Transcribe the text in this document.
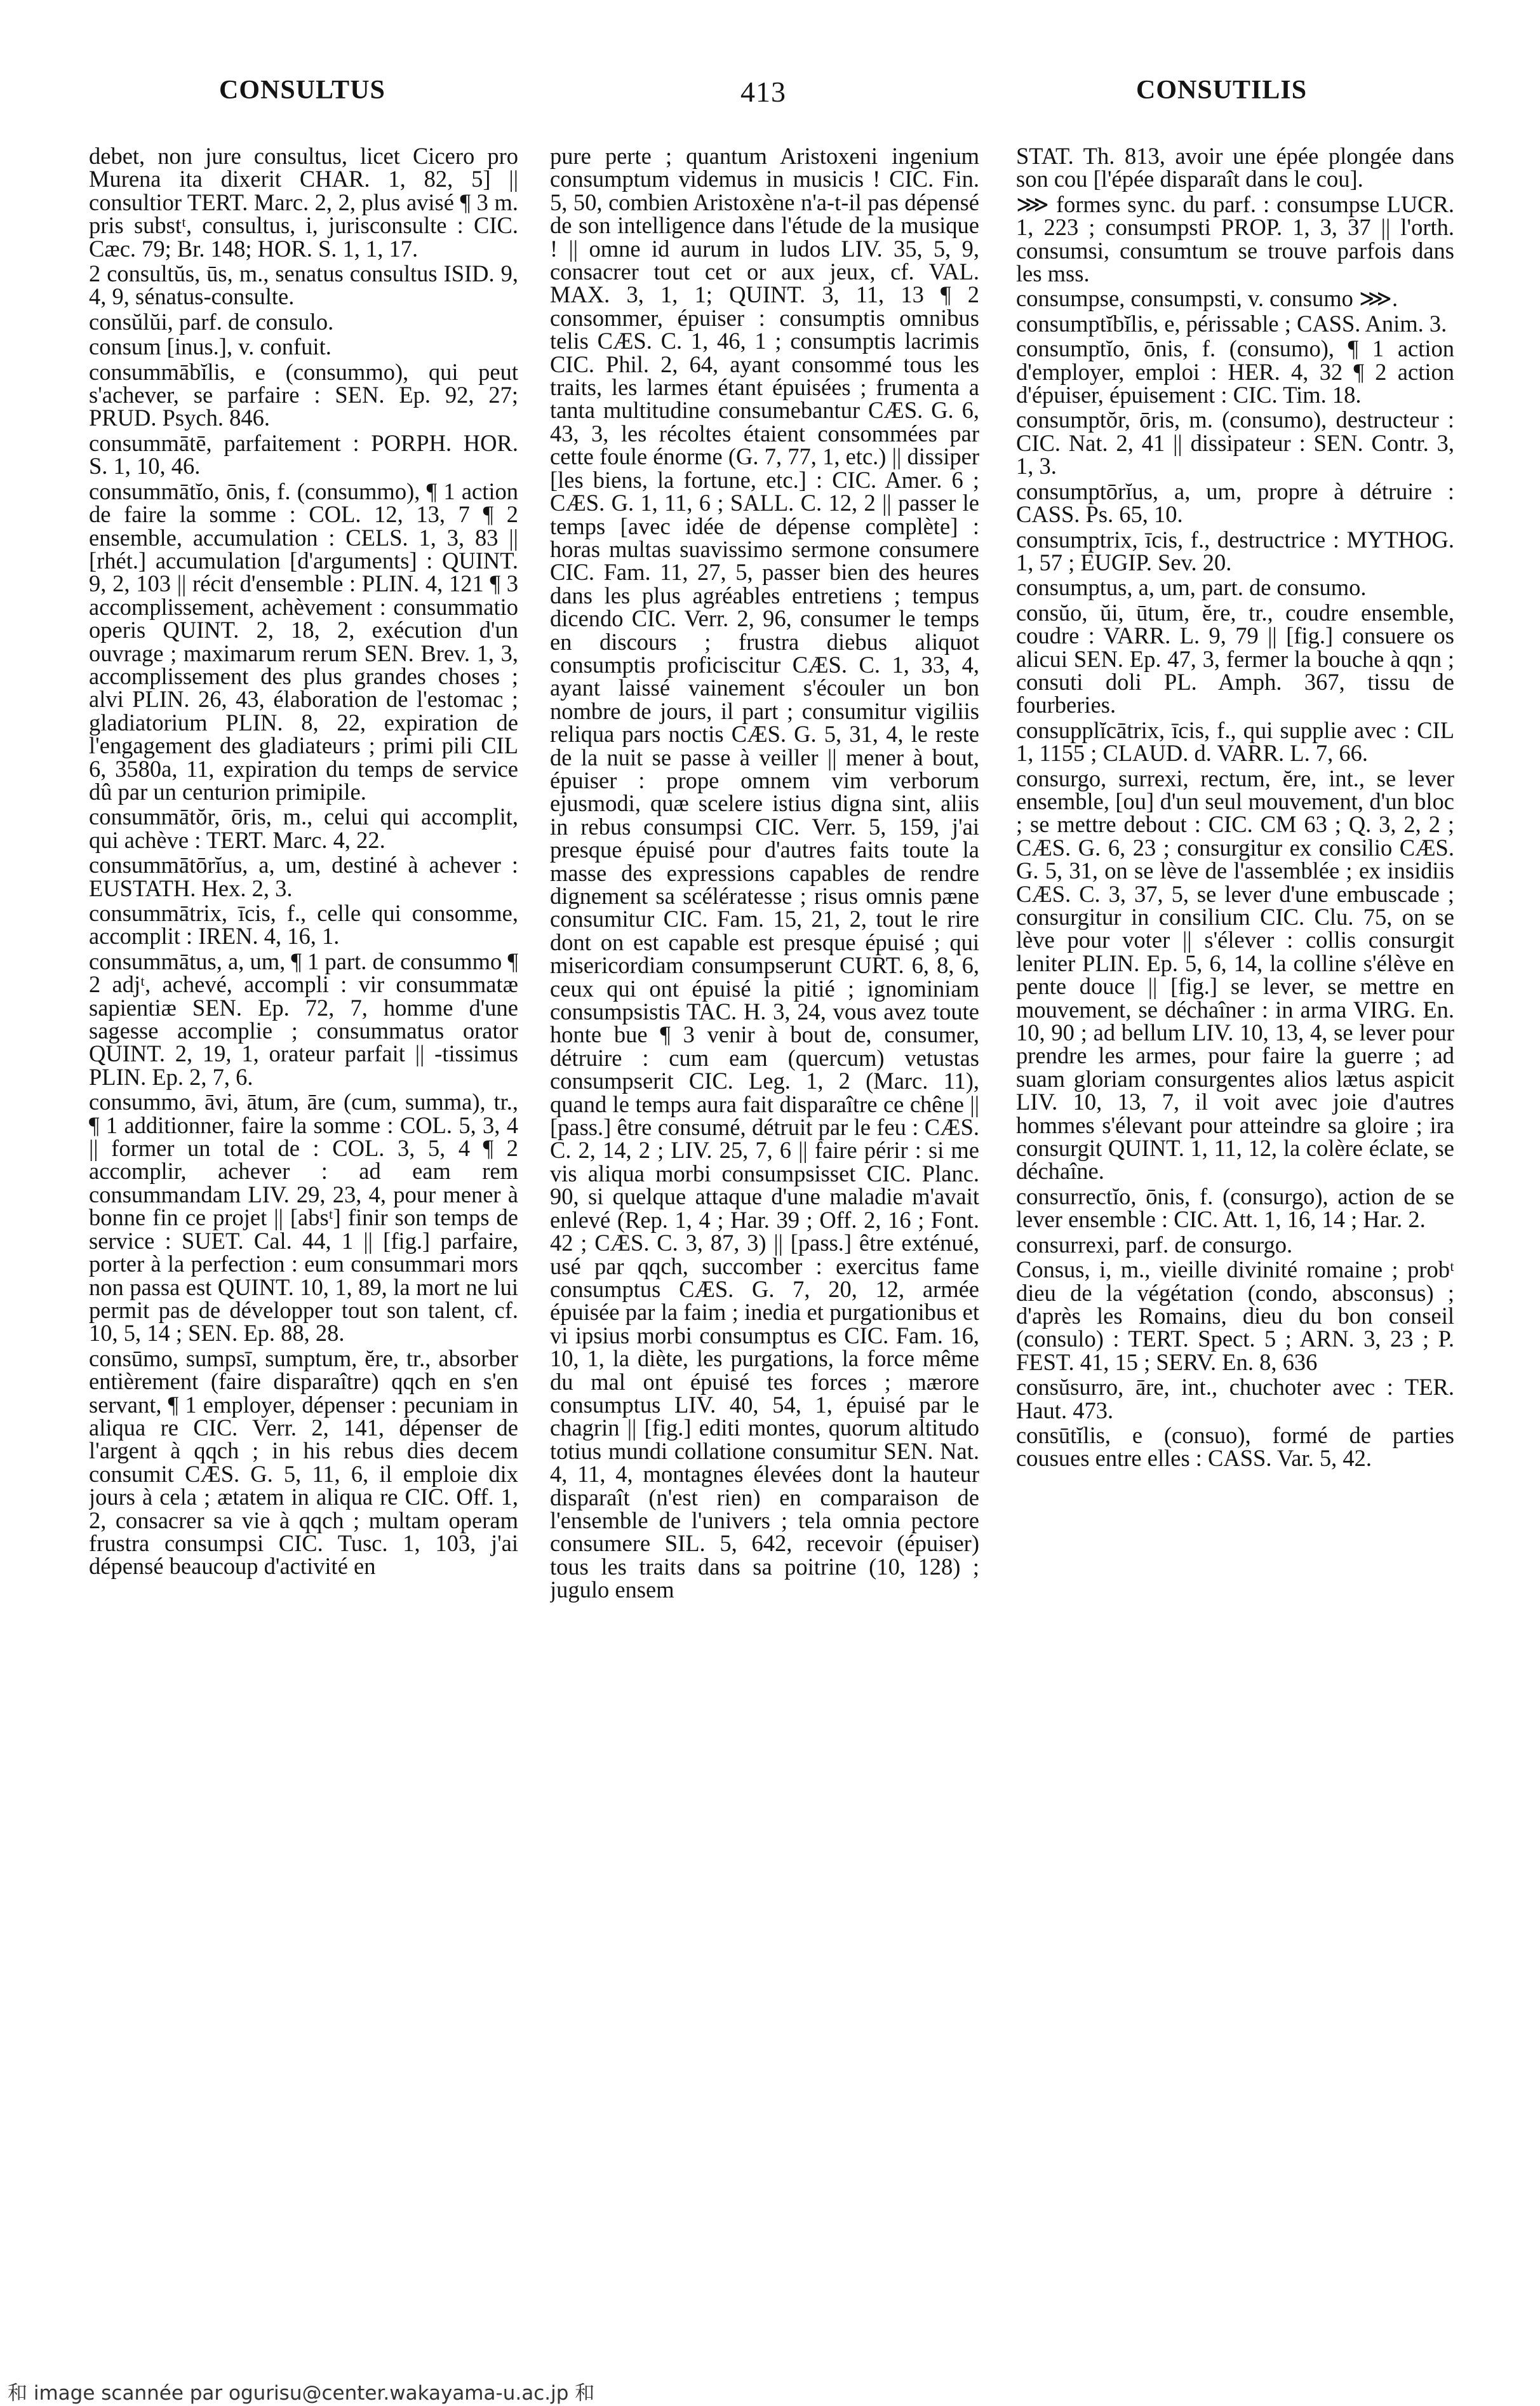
CONSULTUS	413	CONSUTILIS

debet, non jure consultus, licet Cicero pro Murena ita dixerit CHAR. 1, 82, 5] || consultior TERT. Marc. 2, 2, plus avisé ¶ 3 m. pris substᵗ, consultus, i, jurisconsulte : CIC. Cæc. 79; Br. 148; HOR. S. 1, 1, 17.

2 consultŭs, ūs, m., senatus consultus ISID. 9, 4, 9, sénatus-consulte.

consŭlŭi, parf. de consulo.

consum [inus.], v. confuit.

consummābĭlis, e (consummo), qui peut s'achever, se parfaire : SEN. Ep. 92, 27; PRUD. Psych. 846.

consummātē, parfaitement : PORPH. HOR. S. 1, 10, 46.

consummātĭo, ōnis, f. (consummo), ¶ 1 action de faire la somme : COL. 12, 13, 7 ¶ 2 ensemble, accumulation : CELS. 1, 3, 83 || [rhét.] accumulation [d'arguments] : QUINT. 9, 2, 103 || récit d'ensemble : PLIN. 4, 121 ¶ 3 accomplissement, achèvement : consummatio operis QUINT. 2, 18, 2, exécution d'un ouvrage ; maximarum rerum SEN. Brev. 1, 3, accomplissement des plus grandes choses ; alvi PLIN. 26, 43, élaboration de l'estomac ; gladiatorium PLIN. 8, 22, expiration de l'engagement des gladiateurs ; primi pili CIL 6, 3580a, 11, expiration du temps de service dû par un centurion primipile.

consummātŏr, ōris, m., celui qui accomplit, qui achève : TERT. Marc. 4, 22.

consummātōrĭus, a, um, destiné à achever : EUSTATH. Hex. 2, 3.

consummātrix, īcis, f., celle qui consomme, accomplit : IREN. 4, 16, 1.

consummātus, a, um, ¶ 1 part. de consummo ¶ 2 adjᵗ, achevé, accompli : vir consummatæ sapientiæ SEN. Ep. 72, 7, homme d'une sagesse accomplie ; consummatus orator QUINT. 2, 19, 1, orateur parfait || -tissimus PLIN. Ep. 2, 7, 6.

consummo, āvi, ātum, āre (cum, summa), tr., ¶ 1 additionner, faire la somme : COL. 5, 3, 4 || former un total de : COL. 3, 5, 4 ¶ 2 accomplir, achever : ad eam rem consummandam LIV. 29, 23, 4, pour mener à bonne fin ce projet || [absᵗ] finir son temps de service : SUET. Cal. 44, 1 || [fig.] parfaire, porter à la perfection : eum consummari mors non passa est QUINT. 10, 1, 89, la mort ne lui permit pas de développer tout son talent, cf. 10, 5, 14 ; SEN. Ep. 88, 28.

consūmo, sumpsī, sumptum, ĕre, tr., absorber entièrement (faire disparaître) qqch en s'en servant, ¶ 1 employer, dépenser : pecuniam in aliqua re CIC. Verr. 2, 141, dépenser de l'argent à qqch ; in his rebus dies decem consumit CÆS. G. 5, 11, 6, il emploie dix jours à cela ; ætatem in aliqua re CIC. Off. 1, 2, consacrer sa vie à qqch ; multam operam frustra consumpsi CIC. Tusc. 1, 103, j'ai dépensé beaucoup d'activité en

pure perte ; quantum Aristoxeni ingenium consumptum videmus in musicis ! CIC. Fin. 5, 50, combien Aristoxène n'a-t-il pas dépensé de son intelligence dans l'étude de la musique ! || omne id aurum in ludos LIV. 35, 5, 9, consacrer tout cet or aux jeux, cf. VAL. MAX. 3, 1, 1; QUINT. 3, 11, 13 ¶ 2 consommer, épuiser : consumptis omnibus telis CÆS. C. 1, 46, 1 ; consumptis lacrimis CIC. Phil. 2, 64, ayant consommé tous les traits, les larmes étant épuisées ; frumenta a tanta multitudine consumebantur CÆS. G. 6, 43, 3, les récoltes étaient consommées par cette foule énorme (G. 7, 77, 1, etc.) || dissiper [les biens, la fortune, etc.] : CIC. Amer. 6 ; CÆS. G. 1, 11, 6 ; SALL. C. 12, 2 || passer le temps [avec idée de dépense complète] : horas multas suavissimo sermone consumere CIC. Fam. 11, 27, 5, passer bien des heures dans les plus agréables entretiens ; tempus dicendo CIC. Verr. 2, 96, consumer le temps en discours ; frustra diebus aliquot consumptis proficiscitur CÆS. C. 1, 33, 4, ayant laissé vainement s'écouler un bon nombre de jours, il part ; consumitur vigiliis reliqua pars noctis CÆS. G. 5, 31, 4, le reste de la nuit se passe à veiller || mener à bout, épuiser : prope omnem vim verborum ejusmodi, quæ scelere istius digna sint, aliis in rebus consumpsi CIC. Verr. 5, 159, j'ai presque épuisé pour d'autres faits toute la masse des expressions capables de rendre dignement sa scélératesse ; risus omnis pæne consumitur CIC. Fam. 15, 21, 2, tout le rire dont on est capable est presque épuisé ; qui misericordiam consumpserunt CURT. 6, 8, 6, ceux qui ont épuisé la pitié ; ignominiam consumpsistis TAC. H. 3, 24, vous avez toute honte bue ¶ 3 venir à bout de, consumer, détruire : cum eam (quercum) vetustas consumpserit CIC. Leg. 1, 2 (Marc. 11), quand le temps aura fait disparaître ce chêne || [pass.] être consumé, détruit par le feu : CÆS. C. 2, 14, 2 ; LIV. 25, 7, 6 || faire périr : si me vis aliqua morbi consumpsisset CIC. Planc. 90, si quelque attaque d'une maladie m'avait enlevé (Rep. 1, 4 ; Har. 39 ; Off. 2, 16 ; Font. 42 ; CÆS. C. 3, 87, 3) || [pass.] être exténué, usé par qqch, succomber : exercitus fame consumptus CÆS. G. 7, 20, 12, armée épuisée par la faim ; inedia et purgationibus et vi ipsius morbi consumptus es CIC. Fam. 16, 10, 1, la diète, les purgations, la force même du mal ont épuisé tes forces ; mærore consumptus LIV. 40, 54, 1, épuisé par le chagrin || [fig.] editi montes, quorum altitudo totius mundi collatione consumitur SEN. Nat. 4, 11, 4, montagnes élevées dont la hauteur disparaît (n'est rien) en comparaison de l'ensemble de l'univers ; tela omnia pectore consumere SIL. 5, 642, recevoir (épuiser) tous les traits dans sa poitrine (10, 128) ; jugulo ensem

STAT. Th. 813, avoir une épée plongée dans son cou [l'épée disparaît dans le cou].

⋙ formes sync. du parf. : consumpse LUCR. 1, 223 ; consumpsti PROP. 1, 3, 37 || l'orth. consumsi, consumtum se trouve parfois dans les mss.

consumpse, consumpsti, v. consumo ⋙.

consumptĭbĭlis, e, périssable ; CASS. Anim. 3.

consumptĭo, ōnis, f. (consumo), ¶ 1 action d'employer, emploi : HER. 4, 32 ¶ 2 action d'épuiser, épuisement : CIC. Tim. 18.

consumptŏr, ōris, m. (consumo), destructeur : CIC. Nat. 2, 41 || dissipateur : SEN. Contr. 3, 1, 3.

consumptōrĭus, a, um, propre à détruire : CASS. Ps. 65, 10.

consumptrix, īcis, f., destructrice : MYTHOG. 1, 57 ; EUGIP. Sev. 20.

consumptus, a, um, part. de consumo.

consŭo, ŭi, ūtum, ĕre, tr., coudre ensemble, coudre : VARR. L. 9, 79 || [fig.] consuere os alicui SEN. Ep. 47, 3, fermer la bouche à qqn ; consuti doli PL. Amph. 367, tissu de fourberies.

consupplĭcātrix, īcis, f., qui supplie avec : CIL 1, 1155 ; CLAUD. d. VARR. L. 7, 66.

consurgo, surrexi, rectum, ĕre, int., se lever ensemble, [ou] d'un seul mouvement, d'un bloc ; se mettre debout : CIC. CM 63 ; Q. 3, 2, 2 ; CÆS. G. 6, 23 ; consurgitur ex consilio CÆS. G. 5, 31, on se lève de l'assemblée ; ex insidiis CÆS. C. 3, 37, 5, se lever d'une embuscade ; consurgitur in consilium CIC. Clu. 75, on se lève pour voter || s'élever : collis consurgit leniter PLIN. Ep. 5, 6, 14, la colline s'élève en pente douce || [fig.] se lever, se mettre en mouvement, se déchaîner : in arma VIRG. En. 10, 90 ; ad bellum LIV. 10, 13, 4, se lever pour prendre les armes, pour faire la guerre ; ad suam gloriam consurgentes alios lætus aspicit LIV. 10, 13, 7, il voit avec joie d'autres hommes s'élevant pour atteindre sa gloire ; ira consurgit QUINT. 1, 11, 12, la colère éclate, se déchaîne.

consurrectĭo, ōnis, f. (consurgo), action de se lever ensemble : CIC. Att. 1, 16, 14 ; Har. 2.

consurrexi, parf. de consurgo.

Consus, i, m., vieille divinité romaine ; probᵗ dieu de la végétation (condo, absconsus) ; d'après les Romains, dieu du bon conseil (consulo) : TERT. Spect. 5 ; ARN. 3, 23 ; P. FEST. 41, 15 ; SERV. En. 8, 636

consŭsurro, āre, int., chuchoter avec : TER. Haut. 473.

consūtĭlis, e (consuo), formé de parties cousues entre elles : CASS. Var. 5, 42.

和 image scannée par ogurisu@center.wakayama-u.ac.jp 和
